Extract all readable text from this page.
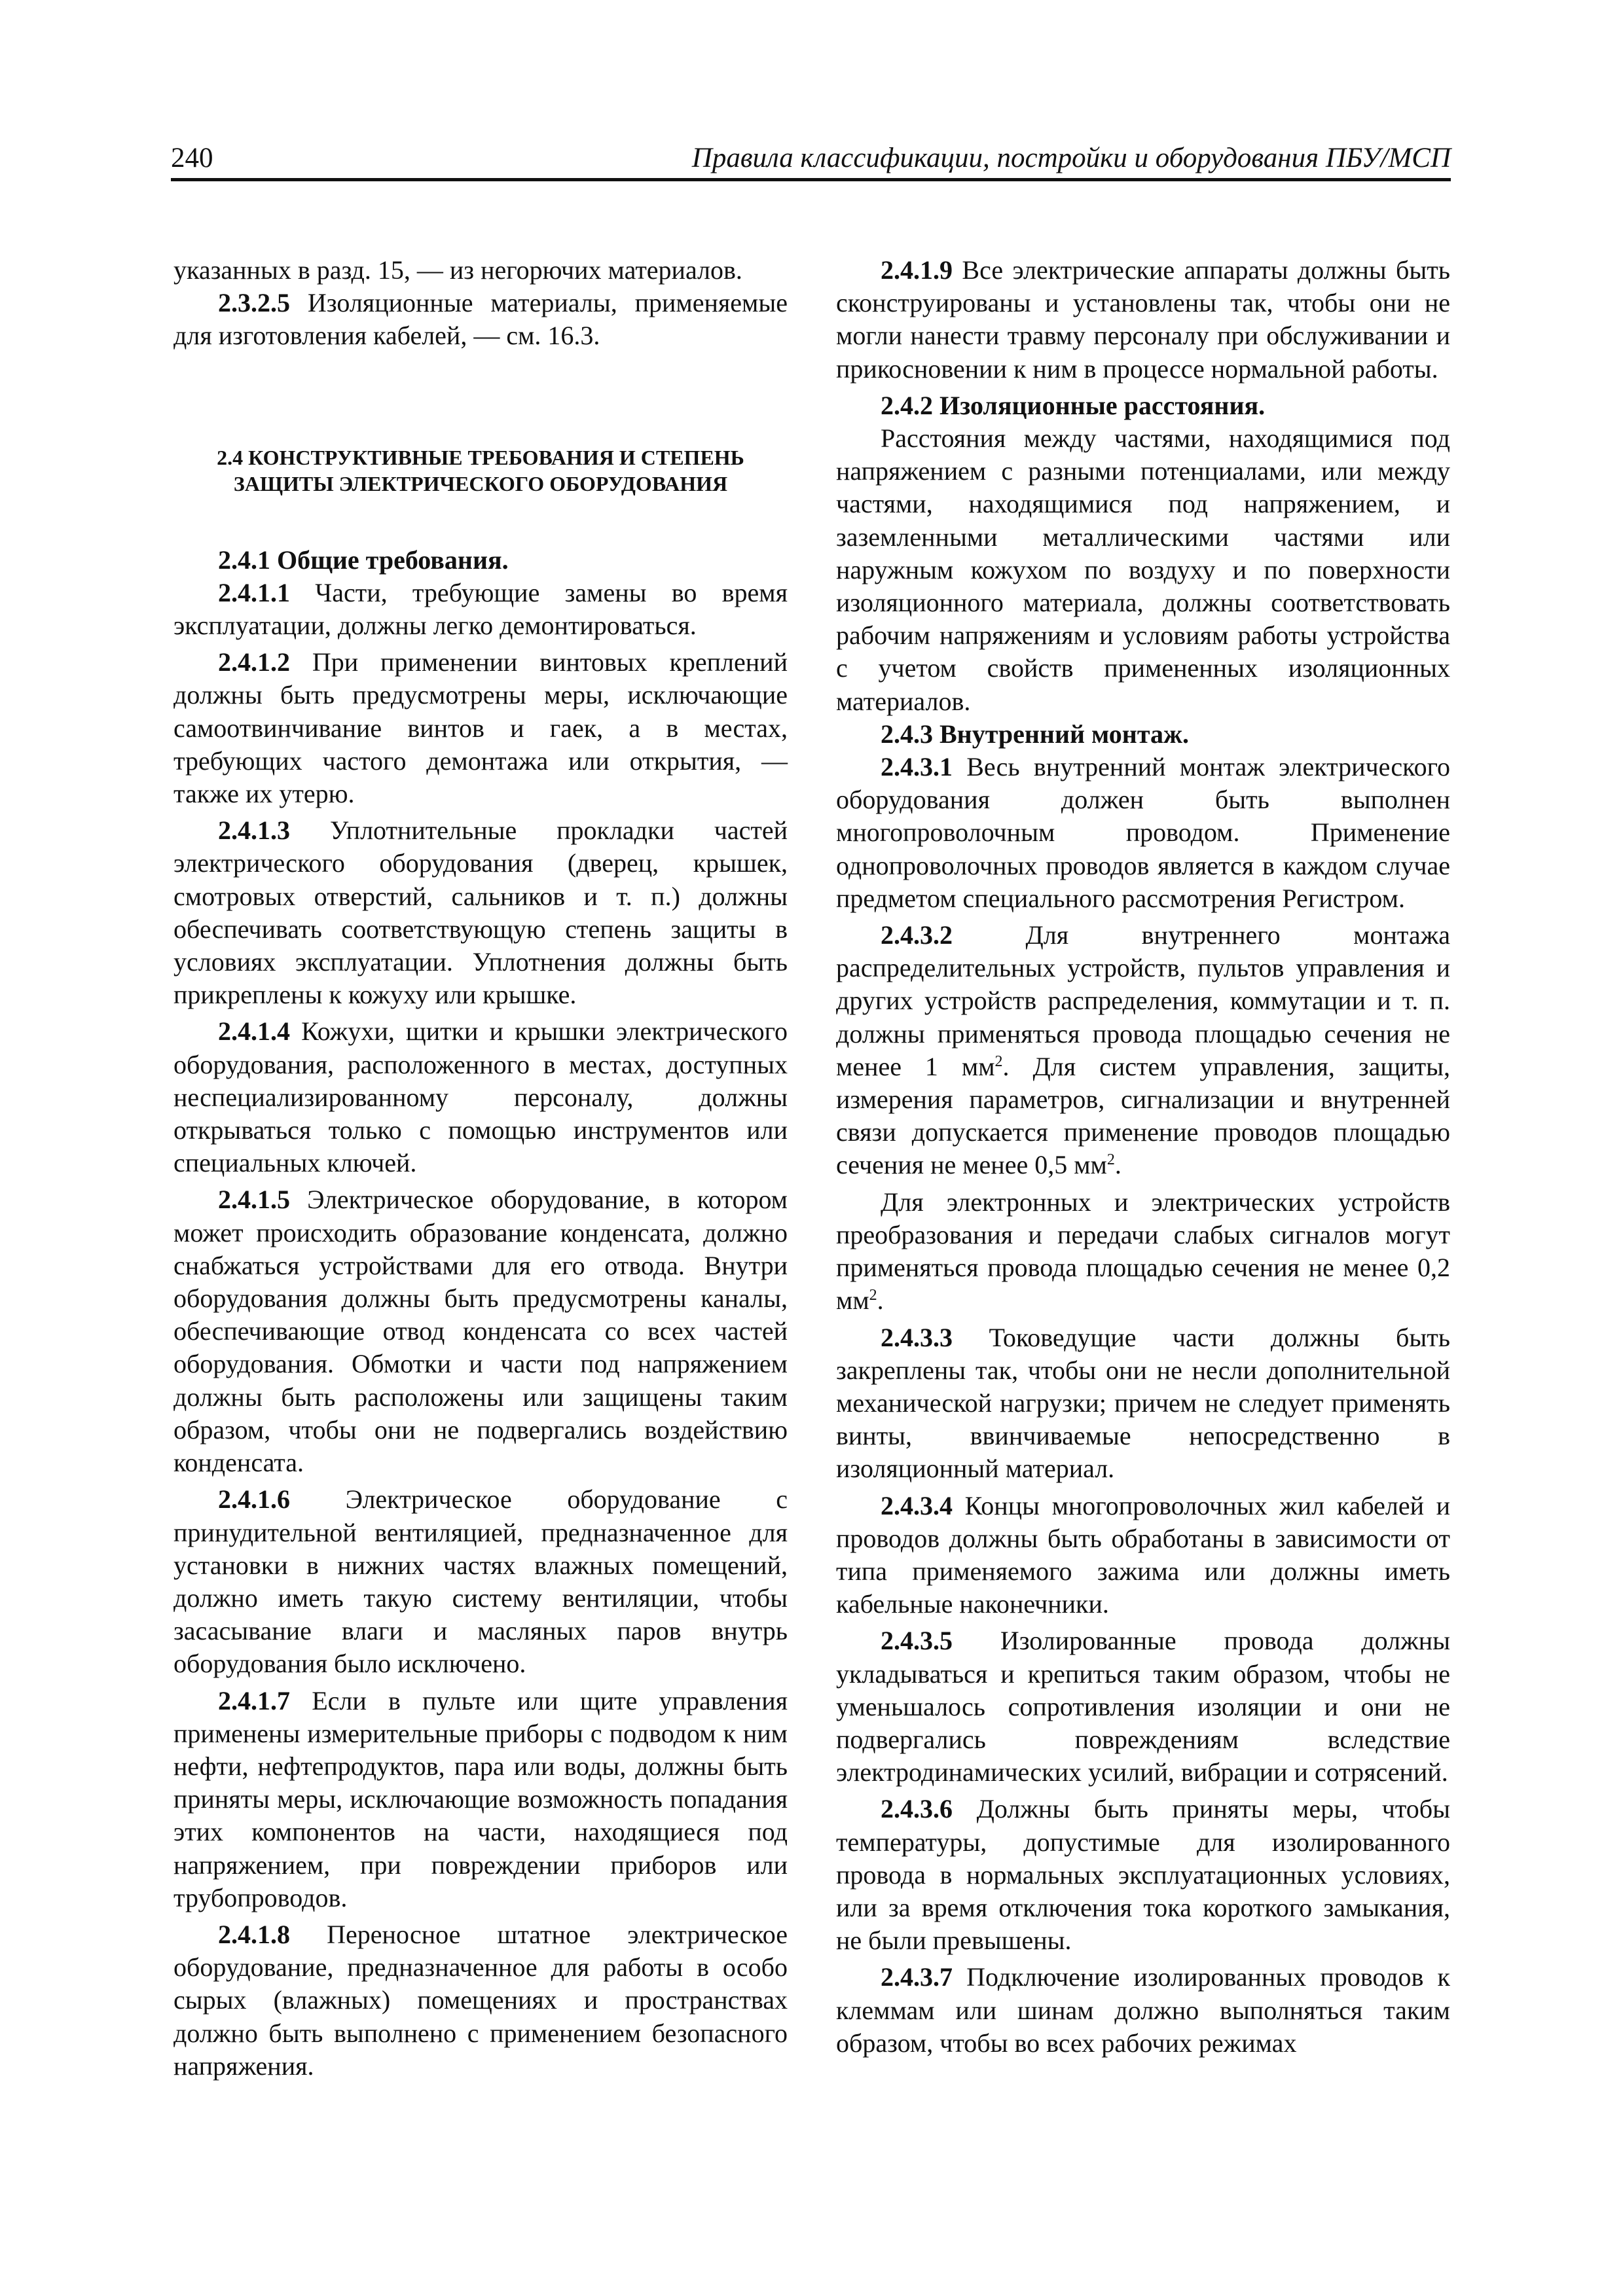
240	Правила классификации, постройки и оборудования ПБУ/МСП

указанных в разд. 15, — из негорючих материалов.

2.3.2.5 Изоляционные материалы, применяемые для изготовления кабелей, — см. 16.3.

2.4 КОНСТРУКТИВНЫЕ ТРЕБОВАНИЯ И СТЕПЕНЬ
ЗАЩИТЫ ЭЛЕКТРИЧЕСКОГО ОБОРУДОВАНИЯ

2.4.1 Общие требования.

2.4.1.1 Части, требующие замены во время эксплуатации, должны легко демонтироваться.

2.4.1.2 При применении винтовых креплений должны быть предусмотрены меры, исключающие самоотвинчивание винтов и гаек, а в местах, требующих частого демонтажа или открытия, — также их утерю.

2.4.1.3 Уплотнительные прокладки частей электрического оборудования (дверец, крышек, смотровых отверстий, сальников и т. п.) должны обеспечивать соответствующую степень защиты в условиях эксплуатации. Уплотнения должны быть прикреплены к кожуху или крышке.

2.4.1.4 Кожухи, щитки и крышки электрического оборудования, расположенного в местах, доступных неспециализированному персоналу, должны открываться только с помощью инструментов или специальных ключей.

2.4.1.5 Электрическое оборудование, в котором может происходить образование конденсата, должно снабжаться устройствами для его отвода. Внутри оборудования должны быть предусмотрены каналы, обеспечивающие отвод конденсата со всех частей оборудования. Обмотки и части под напряжением должны быть расположены или защищены таким образом, чтобы они не подвергались воздействию конденсата.

2.4.1.6 Электрическое оборудование с принудительной вентиляцией, предназначенное для установки в нижних частях влажных помещений, должно иметь такую систему вентиляции, чтобы засасывание влаги и масляных паров внутрь оборудования было исключено.

2.4.1.7 Если в пульте или щите управления применены измерительные приборы с подводом к ним нефти, нефтепродуктов, пара или воды, должны быть приняты меры, исключающие возможность попадания этих компонентов на части, находящиеся под напряжением, при повреждении приборов или трубопроводов.

2.4.1.8 Переносное штатное электрическое оборудование, предназначенное для работы в особо сырых (влажных) помещениях и пространствах должно быть выполнено с применением безопасного напряжения.

2.4.1.9 Все электрические аппараты должны быть сконструированы и установлены так, чтобы они не могли нанести травму персоналу при обслуживании и прикосновении к ним в процессе нормальной работы.

2.4.2 Изоляционные расстояния.

Расстояния между частями, находящимися под напряжением с разными потенциалами, или между частями, находящимися под напряжением, и заземленными металлическими частями или наружным кожухом по воздуху и по поверхности изоляционного материала, должны соответствовать рабочим напряжениям и условиям работы устройства с учетом свойств примененных изоляционных материалов.

2.4.3 Внутренний монтаж.

2.4.3.1 Весь внутренний монтаж электрического оборудования должен быть выполнен многопроволочным проводом. Применение однопроволочных проводов является в каждом случае предметом специального рассмотрения Регистром.

2.4.3.2 Для внутреннего монтажа распределительных устройств, пультов управления и других устройств распределения, коммутации и т. п. должны применяться провода площадью сечения не менее 1 $мм^2$. Для систем управления, защиты, измерения параметров, сигнализации и внутренней связи допускается применение проводов площадью сечения не менее 0,5 $мм^2$.

Для электронных и электрических устройств преобразования и передачи слабых сигналов могут применяться провода площадью сечения не менее 0,2 $мм^2$.

2.4.3.3 Токоведущие части должны быть закреплены так, чтобы они не несли дополнительной механической нагрузки; причем не следует применять винты, ввинчиваемые непосредственно в изоляционный материал.

2.4.3.4 Концы многопроволочных жил кабелей и проводов должны быть обработаны в зависимости от типа применяемого зажима или должны иметь кабельные наконечники.

2.4.3.5 Изолированные провода должны укладываться и крепиться таким образом, чтобы не уменьшалось сопротивления изоляции и они не подвергались повреждениям вследствие электродинамических усилий, вибрации и сотрясений.

2.4.3.6 Должны быть приняты меры, чтобы температуры, допустимые для изолированного провода в нормальных эксплуатационных условиях, или за время отключения тока короткого замыкания, не были превышены.

2.4.3.7 Подключение изолированных проводов к клеммам или шинам должно выполняться таким образом, чтобы во всех рабочих режимах
